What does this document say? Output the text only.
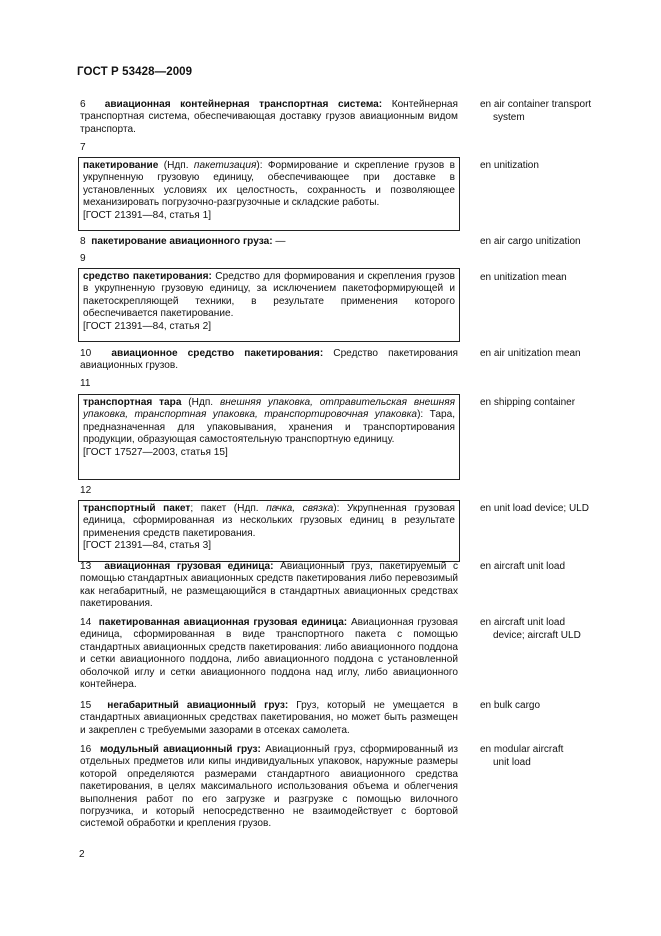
ГОСТ Р 53428—2009
6  авиационная контейнерная транспортная система: Контейнерная транспортная система, обеспечивающая доставку грузов авиационным видом транспорта.
en air container transport
system
7
пакетирование (Ндп. пакетизация): Формирование и скрепление грузов в укрупненную грузовую единицу, обеспечивающее при доставке в установленных условиях их целостность, сохранность и позволяющее механизировать погрузочно-разгрузочные и складские работы.
[ГОСТ 21391—84, статья 1]
en unitization
8  пакетирование авиационного груза: —	en air cargo unitization
9
средство пакетирования: Средство для формирования и скрепления грузов в укрупненную грузовую единицу, за исключением пакетоформирующей и пакетоскрепляющей техники, в результате применения которого обеспечивается пакетирование.
[ГОСТ 21391—84, статья 2]
en unitization mean
10  авиационное средство пакетирования: Средство пакетирования авиационных грузов.
en air unitization mean
11
транспортная тара (Ндп. внешняя упаковка, отправительская внешняя упаковка, транспортная упаковка, транспортировочная упаковка): Тара, предназначенная для упаковывания, хранения и транспортирования продукции, образующая самостоятельную транспортную единицу.
[ГОСТ 17527—2003, статья 15]
en shipping container
12
транспортный пакет; пакет (Ндп. пачка, связка): Укрупненная грузовая единица, сформированная из нескольких грузовых единиц в результате применения средств пакетирования.
[ГОСТ 21391—84, статья 3]
en unit load device; ULD
13  авиационная грузовая единица: Авиационный груз, пакетируемый с помощью стандартных авиационных средств пакетирования либо перевозимый как негабаритный, не размещающийся в стандартных авиационных средствах пакетирования.
en aircraft unit load
14  пакетированная авиационная грузовая единица: Авиационная грузовая единица, сформированная в виде транспортного пакета с помощью стандартных авиационных средств пакетирования: либо авиационного поддона и сетки авиационного поддона, либо авиационного поддона с установленной оболочкой иглу и сетки авиационного поддона над иглу, либо авиационного контейнера.
en aircraft unit load
device; aircraft ULD
15  негабаритный авиационный груз: Груз, который не умещается в стандартных авиационных средствах пакетирования, но может быть размещен и закреплен с требуемыми зазорами в отсеках самолета.
en bulk cargo
16  модульный авиационный груз: Авиационный груз, сформированный из отдельных предметов или кипы индивидуальных упаковок, наружные размеры которой определяются размерами стандартного авиационного средства пакетирования, в целях максимального использования объема и облегчения выполнения работ по его загрузке и разгрузке с помощью вилочного погрузчика, и который непосредственно не взаимодействует с бортовой системой обработки и крепления грузов.
en modular aircraft
unit load
2
